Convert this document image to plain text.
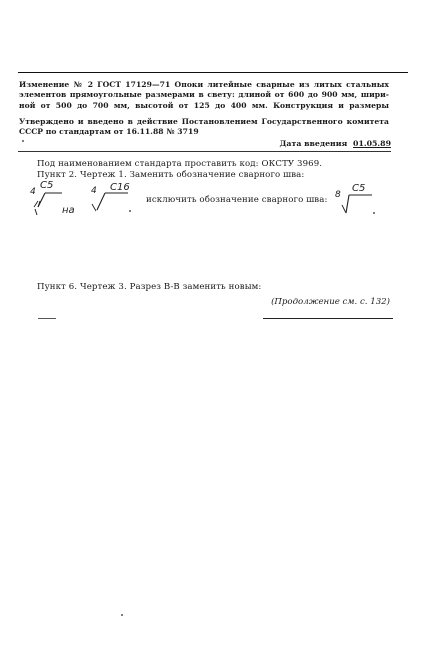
Изменение № 2 ГОСТ 17129—71 Опоки литейные сварные из литых стальных
элементов прямоугольные размерами в свету: длиной от 600 до 900 мм, шири-
ной от 500 до 700 мм, высотой от 125 до 400 мм. Конструкция и размеры
Утверждено и введено в действие Постановлением Государственного комитета
СССР по стандартам от 16.11.88 № 3719
Дата введения 01.05.89
Под наименованием стандарта проставить код: ОКСТУ 3969.
Пункт 2. Чертеж 1. Заменить обозначение сварного шва:
4
С5
на
4 С16
исключить обозначение сварного шва: 8
С5
Пункт 6. Чертеж 3. Разрез В-В заменить новым:
(Продолжение см. с. 132)
